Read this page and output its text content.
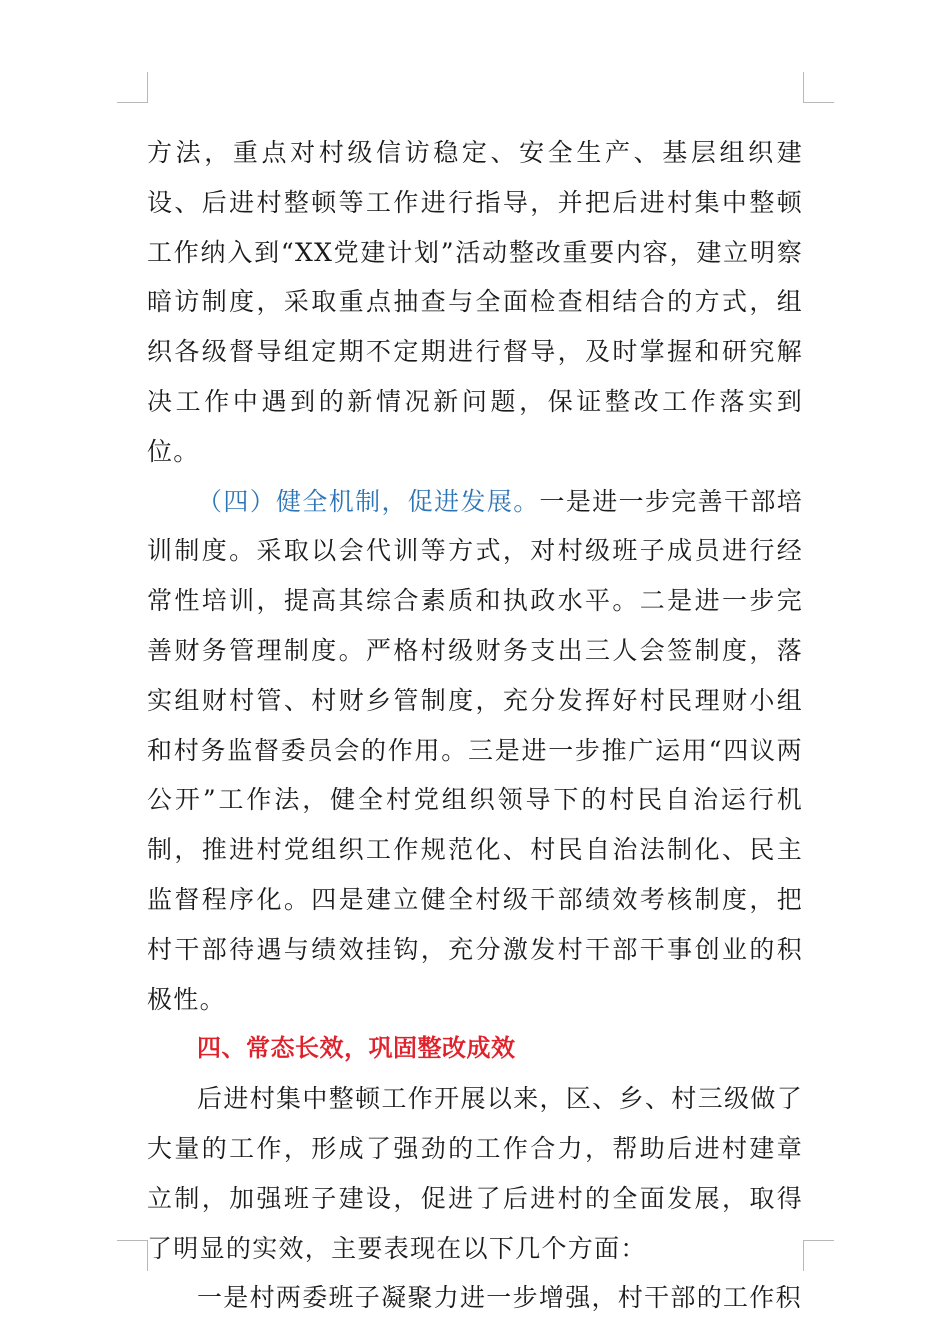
方法，重点对村级信访稳定、安全生产、基层组织建设、后进村整顿等工作进行指导，并把后进村集中整顿工作纳入到“XX党建计划”活动整改重要内容，建立明察暗访制度，采取重点抽查与全面检查相结合的方式，组织各级督导组定期不定期进行督导，及时掌握和研究解决工作中遇到的新情况新问题，保证整改工作落实到位。

（四）健全机制，促进发展。一是进一步完善干部培训制度。采取以会代训等方式，对村级班子成员进行经常性培训，提高其综合素质和执政水平。二是进一步完善财务管理制度。严格村级财务支出三人会签制度，落实组财村管、村财乡管制度，充分发挥好村民理财小组和村务监督委员会的作用。三是进一步推广运用“四议两公开”工作法，健全村党组织领导下的村民自治运行机制，推进村党组织工作规范化、村民自治法制化、民主监督程序化。四是建立健全村级干部绩效考核制度，把村干部待遇与绩效挂钩，充分激发村干部干事创业的积极性。

四、常态长效，巩固整改成效

后进村集中整顿工作开展以来，区、乡、村三级做了大量的工作，形成了强劲的工作合力，帮助后进村建章立制，加强班子建设，促进了后进村的全面发展，取得了明显的实效，主要表现在以下几个方面：

一是村两委班子凝聚力进一步增强，村干部的工作积
